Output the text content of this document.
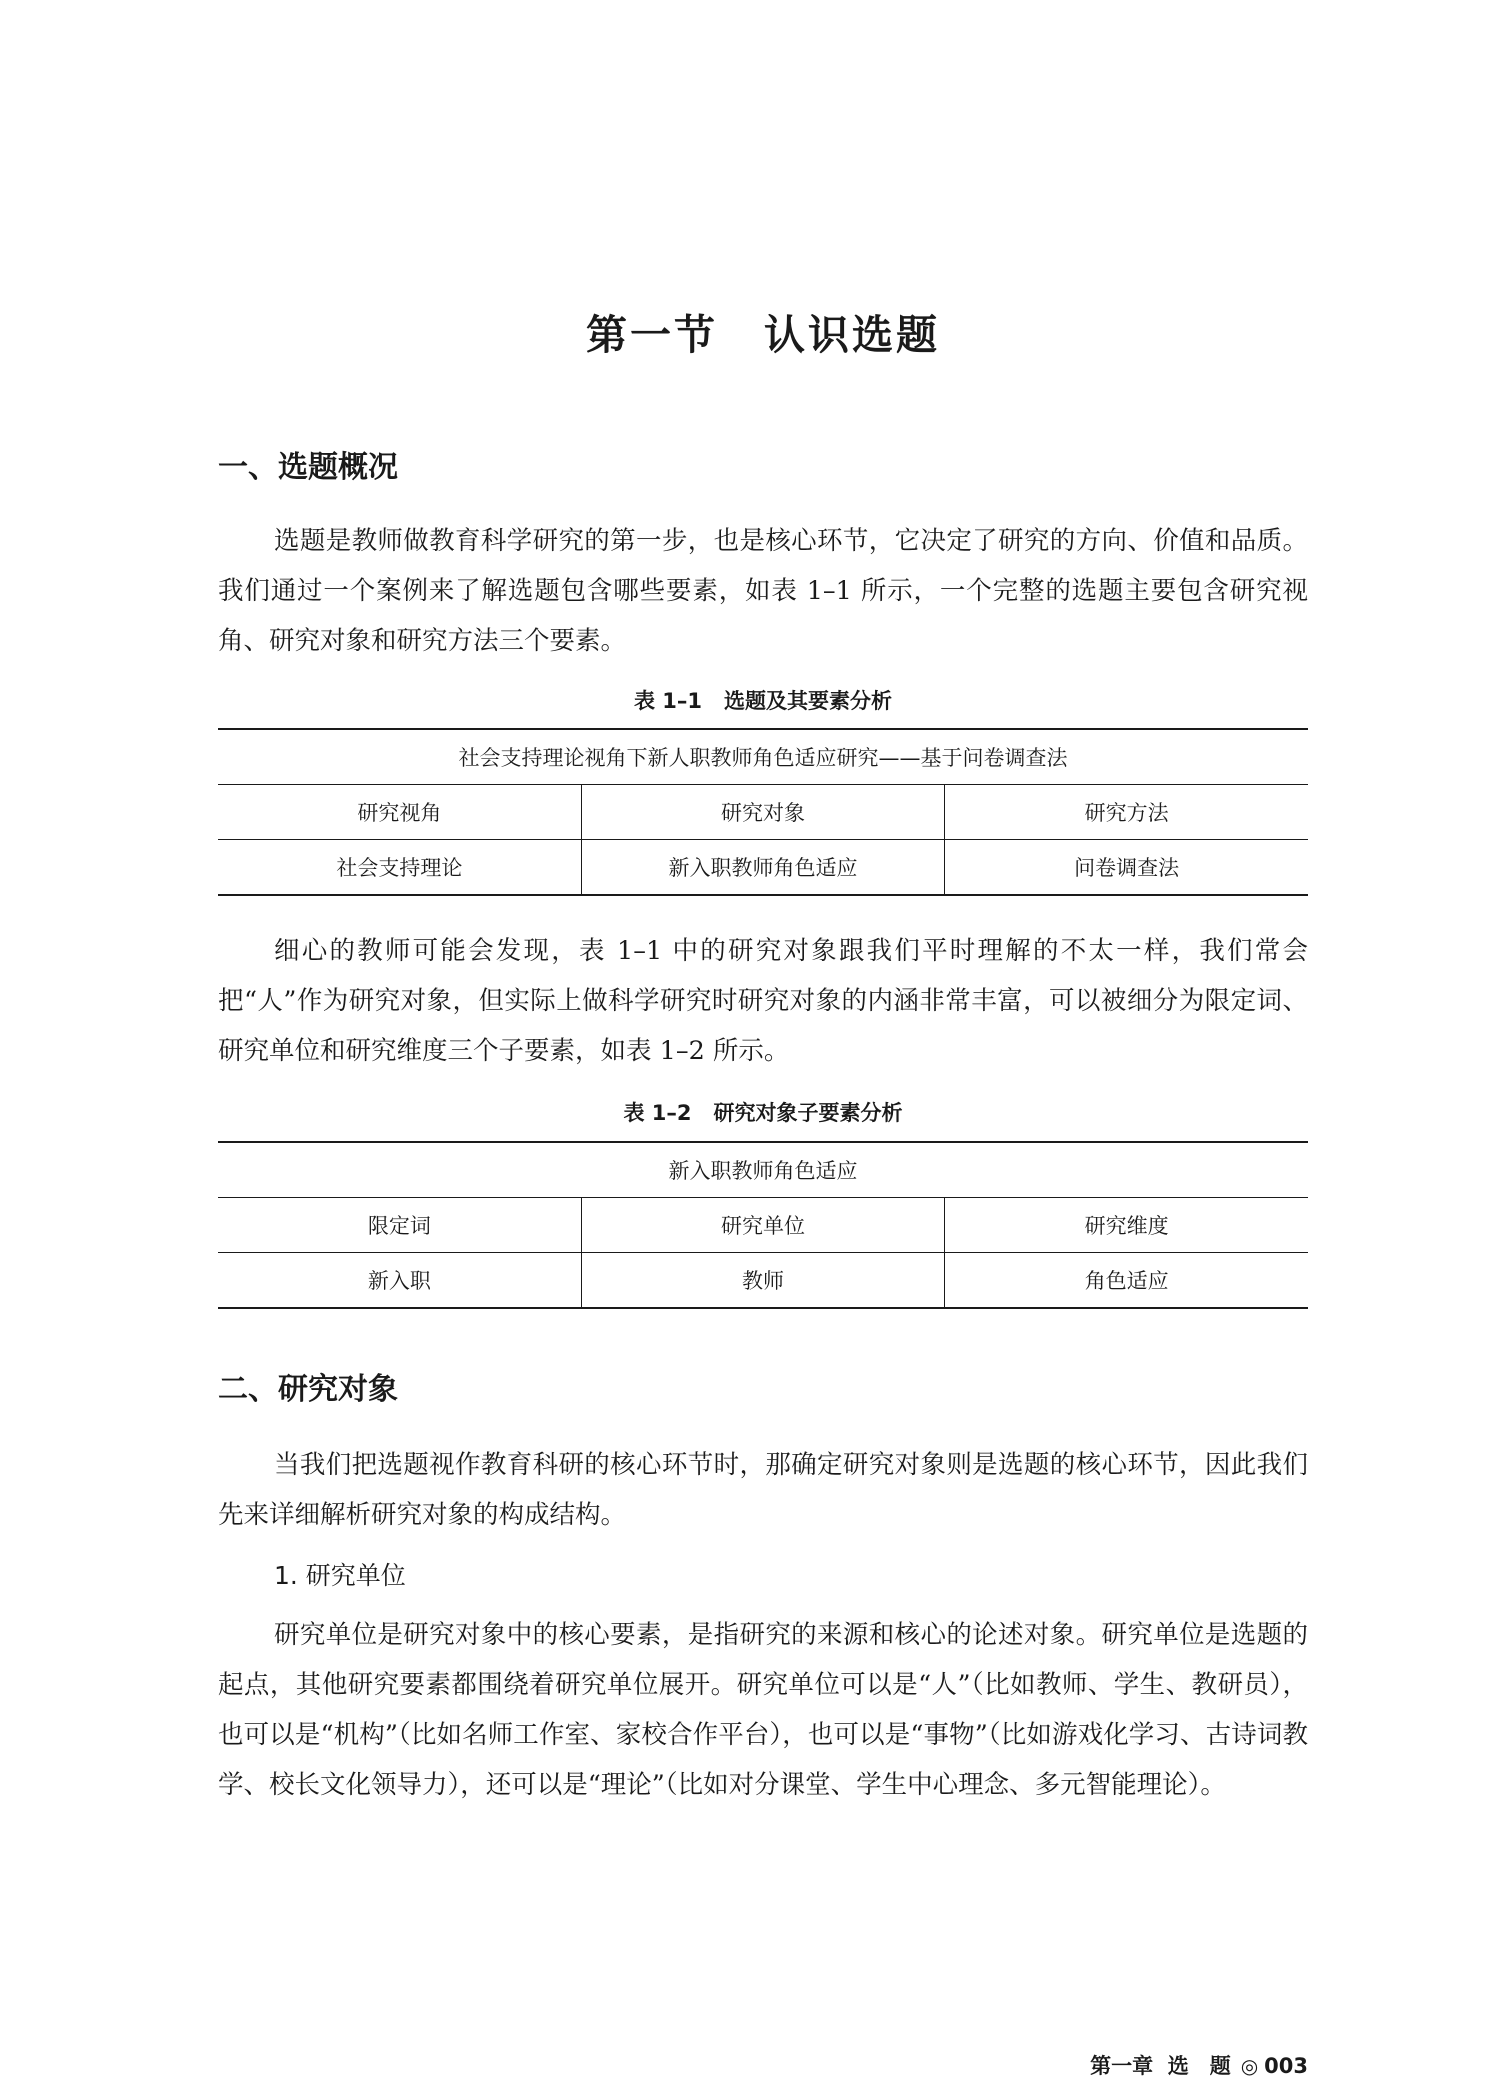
第一节 认识选题
一、选题概况

选题是教师做教育科学研究的第一步，也是核心环节，它决定了研究的方向、价值和品质。我们通过一个案例来了解选题包含哪些要素，如表 1–1 所示，一个完整的选题主要包含研究视角、研究对象和研究方法三个要素。

表 1–1 选题及其要素分析
社会支持理论视角下新人职教师角色适应研究——基于问卷调查法		
研究视角	研究对象	研究方法
社会支持理论	新入职教师角色适应	问卷调查法

细心的教师可能会发现，表 1–1 中的研究对象跟我们平时理解的不太一样，我们常会把“人”作为研究对象，但实际上做科学研究时研究对象的内涵非常丰富，可以被细分为限定词、研究单位和研究维度三个子要素，如表 1–2 所示。

表 1–2 研究对象子要素分析
新入职教师角色适应		
限定词	研究单位	研究维度
新入职	教师	角色适应
二、研究对象

当我们把选题视作教育科研的核心环节时，那确定研究对象则是选题的核心环节，因此我们先来详细解析研究对象的构成结构。

1. 研究单位

研究单位是研究对象中的核心要素，是指研究的来源和核心的论述对象。研究单位是选题的起点，其他研究要素都围绕着研究单位展开。研究单位可以是“人”（比如教师、学生、教研员），也可以是“机构”（比如名师工作室、家校合作平台），也可以是“事物”（比如游戏化学习、古诗词教学、校长文化领导力），还可以是“理论”（比如对分课堂、学生中心理念、多元智能理论）。

第一章 选　题 ◎ 003
